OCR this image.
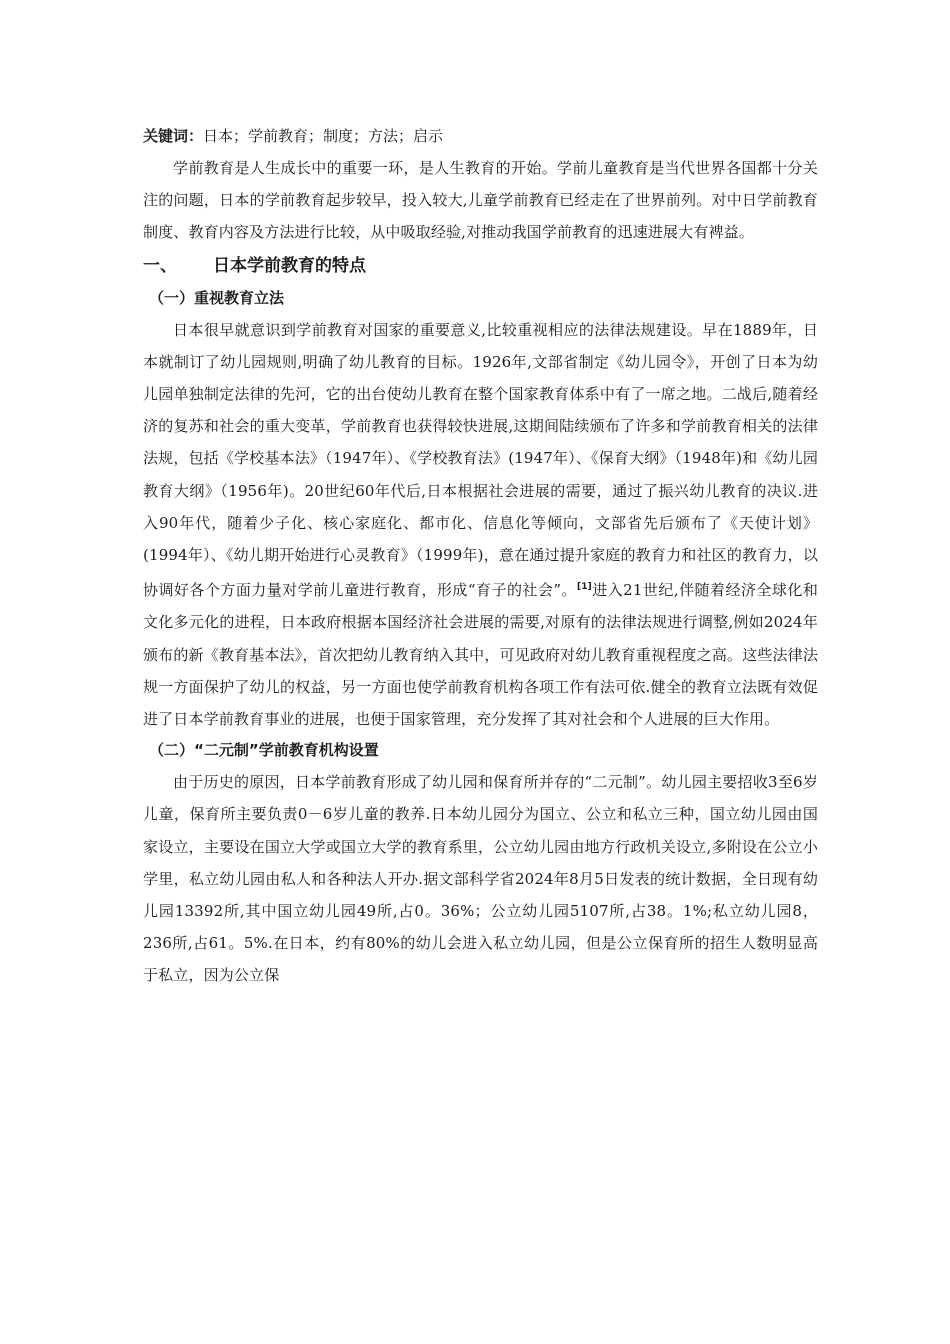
关键词：日本；学前教育；制度；方法；启示

学前教育是人生成长中的重要一环，是人生教育的开始。学前儿童教育是当代世界各国都十分关注的问题，日本的学前教育起步较早，投入较大,儿童学前教育已经走在了世界前列。对中日学前教育制度、教育内容及方法进行比较，从中吸取经验,对推动我国学前教育的迅速进展大有裨益。

一、 日本学前教育的特点
（一）重视教育立法

日本很早就意识到学前教育对国家的重要意义,比较重视相应的法律法规建设。早在1889年，日本就制订了幼儿园规则,明确了幼儿教育的目标。1926年,文部省制定《幼儿园令》，开创了日本为幼儿园单独制定法律的先河，它的出台使幼儿教育在整个国家教育体系中有了一席之地。二战后,随着经济的复苏和社会的重大变革，学前教育也获得较快进展,这期间陆续颁布了许多和学前教育相关的法律法规，包括《学校基本法》（1947年）、《学校教育法》(1947年）、《保育大纲》（1948年)和《幼儿园教育大纲》（1956年)。20世纪60年代后,日本根据社会进展的需要，通过了振兴幼儿教育的决议.进入90年代，随着少子化、核心家庭化、都市化、信息化等倾向，文部省先后颁布了《天使计划》(1994年）、《幼儿期开始进行心灵教育》（1999年)，意在通过提升家庭的教育力和社区的教育力，以协调好各个方面力量对学前儿童进行教育，形成“育子的社会”。[1]进入21世纪,伴随着经济全球化和文化多元化的进程，日本政府根据本国经济社会进展的需要,对原有的法律法规进行调整,例如2024年颁布的新《教育基本法》，首次把幼儿教育纳入其中，可见政府对幼儿教育重视程度之高。这些法律法规一方面保护了幼儿的权益，另一方面也使学前教育机构各项工作有法可依.健全的教育立法既有效促进了日本学前教育事业的进展，也便于国家管理，充分发挥了其对社会和个人进展的巨大作用。

（二）“二元制”学前教育机构设置

由于历史的原因，日本学前教育形成了幼儿园和保育所并存的“二元制”。幼儿园主要招收3至6岁儿童，保育所主要负责0－6岁儿童的教养.日本幼儿园分为国立、公立和私立三种，国立幼儿园由国家设立，主要设在国立大学或国立大学的教育系里，公立幼儿园由地方行政机关设立,多附设在公立小学里，私立幼儿园由私人和各种法人开办.据文部科学省2024年8月5日发表的统计数据，全日现有幼儿园13392所,其中国立幼儿园49所,占0。36%；公立幼儿园5107所,占38。1%;私立幼儿园8，236所,占61。5%.在日本，约有80%的幼儿会进入私立幼儿园，但是公立保育所的招生人数明显高于私立，因为公立保
